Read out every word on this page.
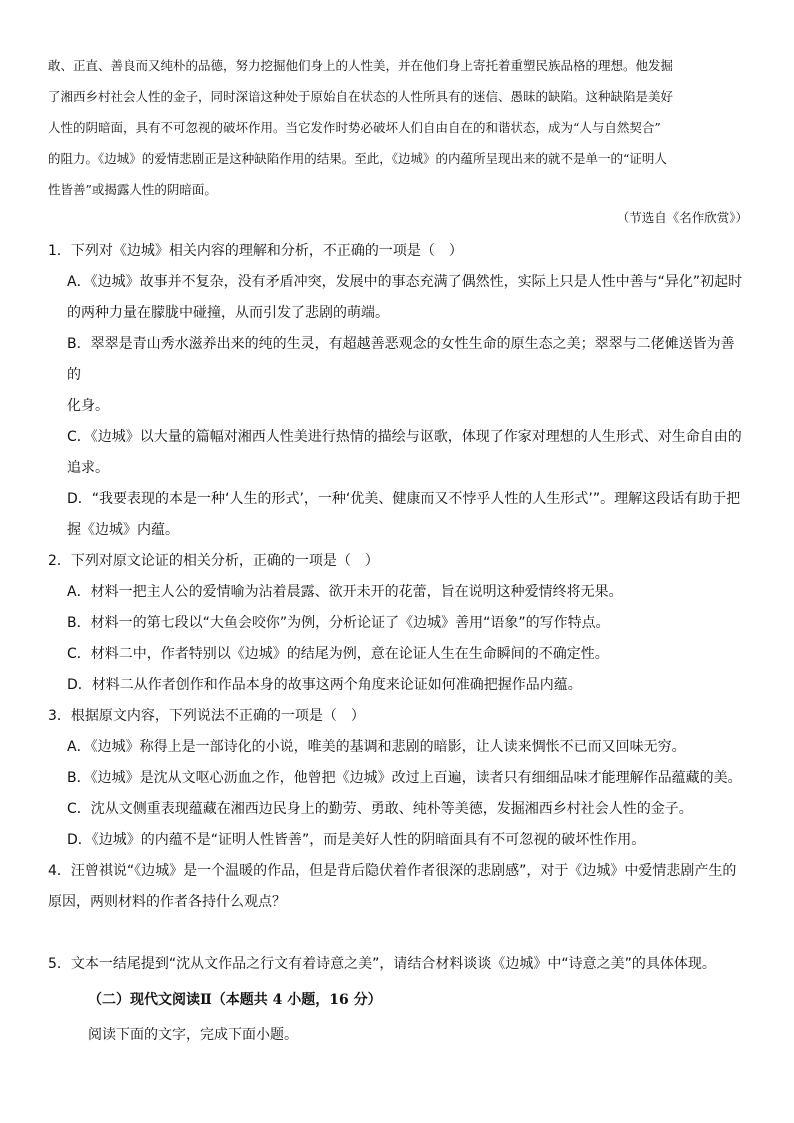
敢、正直、善良而又纯朴的品德，努力挖掘他们身上的人性美，并在他们身上寄托着重塑民族品格的理想。他发掘

了湘西乡村社会人性的金子，同时深谙这种处于原始自在状态的人性所具有的迷信、愚昧的缺陷。这种缺陷是美好

人性的阴暗面，具有不可忽视的破坏作用。当它发作时势必破坏人们自由自在的和谐状态，成为“人与自然契合”

的阻力。《边城》的爱情悲剧正是这种缺陷作用的结果。至此，《边城》的内蕴所呈现出来的就不是单一的“证明人

性皆善”或揭露人性的阴暗面。

（节选自《名作欣赏》）

1．下列对《边城》相关内容的理解和分析，不正确的一项是（　）

A．《边城》故事并不复杂，没有矛盾冲突，发展中的事态充满了偶然性，实际上只是人性中善与“异化”初起时
的两种力量在朦胧中碰撞，从而引发了悲剧的萌端。

B．翠翠是青山秀水滋养出来的纯的生灵，有超越善恶观念的女性生命的原生态之美；翠翠与二佬傩送皆为善的
化身。

C．《边城》以大量的篇幅对湘西人性美进行热情的描绘与讴歌，体现了作家对理想的人生形式、对生命自由的
追求。

D．“我要表现的本是一种‘人生的形式’，一种‘优美、健康而又不悖乎人性的人生形式’”。理解这段话有助于把
握《边城》内蕴。

2．下列对原文论证的相关分析，正确的一项是（　）

A．材料一把主人公的爱情喻为沾着晨露、欲开未开的花蕾，旨在说明这种爱情终将无果。

B．材料一的第七段以“大鱼会咬你”为例，分析论证了《边城》善用“语象”的写作特点。

C．材料二中，作者特别以《边城》的结尾为例，意在论证人生在生命瞬间的不确定性。

D．材料二从作者创作和作品本身的故事这两个角度来论证如何准确把握作品内蕴。

3．根据原文内容，下列说法不正确的一项是（　）

A．《边城》称得上是一部诗化的小说，唯美的基调和悲剧的暗影，让人读来惆怅不已而又回味无穷。

B．《边城》是沈从文呕心沥血之作，他曾把《边城》改过上百遍，读者只有细细品味才能理解作品蕴藏的美。

C．沈从文侧重表现蕴藏在湘西边民身上的勤劳、勇敢、纯朴等美德，发掘湘西乡村社会人性的金子。

D．《边城》的内蕴不是“证明人性皆善”，而是美好人性的阴暗面具有不可忽视的破坏性作用。

4．汪曾祺说“《边城》是一个温暖的作品，但是背后隐伏着作者很深的悲剧感”，对于《边城》中爱情悲剧产生的

原因，两则材料的作者各持什么观点？

5．文本一结尾提到“沈从文作品之行文有着诗意之美”，请结合材料谈谈《边城》中“诗意之美”的具体体现。

（二）现代文阅读Ⅱ（本题共 4 小题，16 分）
阅读下面的文字，完成下面小题。
